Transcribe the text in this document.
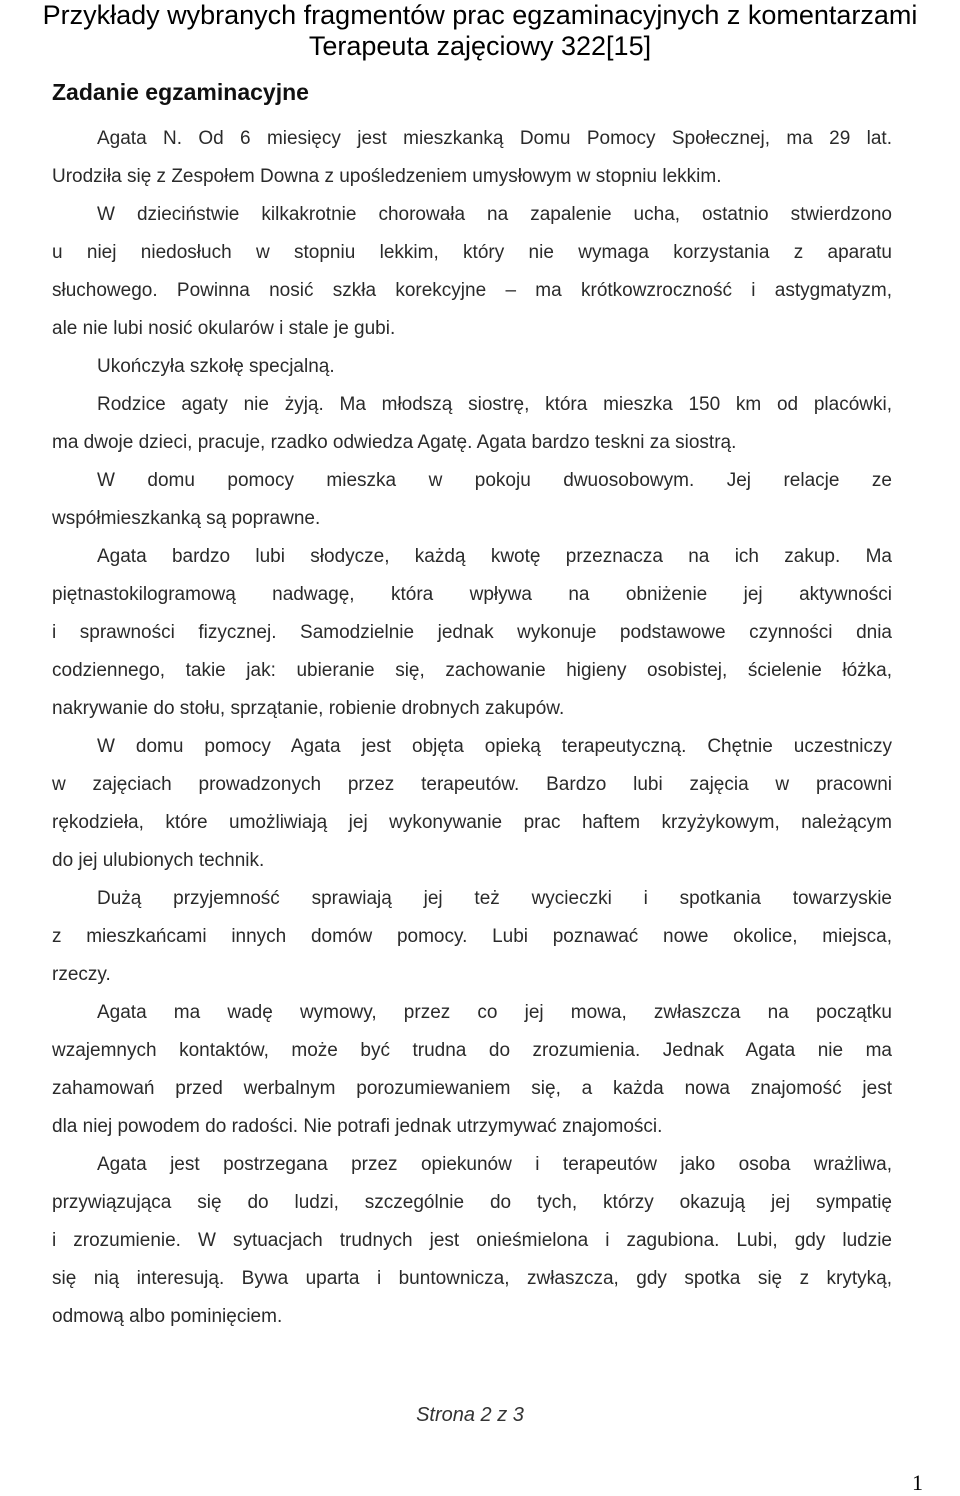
Przykłady wybranych fragmentów prac egzaminacyjnych z komentarzami
Terapeuta zajęciowy 322[15]
Zadanie egzaminacyjne
Agata N. Od 6 miesięcy jest mieszkanką Domu Pomocy Społecznej, ma 29 lat.
Urodziła się z Zespołem Downa z upośledzeniem umysłowym w stopniu lekkim.
W dzieciństwie kilkakrotnie chorowała na zapalenie ucha, ostatnio stwierdzono
u niej niedosłuch w stopniu lekkim, który nie wymaga korzystania z aparatu
słuchowego. Powinna nosić szkła korekcyjne – ma krótkowzroczność i astygmatyzm,
ale nie lubi nosić okularów i stale je gubi.
Ukończyła szkołę specjalną.
Rodzice agaty nie żyją. Ma młodszą siostrę, która mieszka 150 km od placówki,
ma dwoje dzieci, pracuje, rzadko odwiedza Agatę. Agata bardzo teskni za siostrą.
W domu pomocy mieszka w pokoju dwuosobowym. Jej relacje ze
współmieszkanką są poprawne.
Agata bardzo lubi słodycze, każdą kwotę przeznacza na ich zakup. Ma
piętnastokilogramową nadwagę, która wpływa na obniżenie jej aktywności
i sprawności fizycznej. Samodzielnie jednak wykonuje podstawowe czynności dnia
codziennego, takie jak: ubieranie się, zachowanie higieny osobistej, ścielenie łóżka,
nakrywanie do stołu, sprzątanie, robienie drobnych zakupów.
W domu pomocy Agata jest objęta opieką terapeutyczną. Chętnie uczestniczy
w zajęciach prowadzonych przez terapeutów. Bardzo lubi zajęcia w pracowni
rękodzieła, które umożliwiają jej wykonywanie prac haftem krzyżykowym, należącym
do jej ulubionych technik.
Dużą przyjemność sprawiają jej też wycieczki i spotkania towarzyskie
z mieszkańcami innych domów pomocy. Lubi poznawać nowe okolice, miejsca,
rzeczy.
Agata ma wadę wymowy, przez co jej mowa, zwłaszcza na początku
wzajemnych kontaktów, może być trudna do zrozumienia. Jednak Agata nie ma
zahamowań przed werbalnym porozumiewaniem się, a każda nowa znajomość jest
dla niej powodem do radości. Nie potrafi jednak utrzymywać znajomości.
Agata jest postrzegana przez opiekunów i terapeutów jako osoba wrażliwa,
przywiązująca się do ludzi, szczególnie do tych, którzy okazują jej sympatię
i zrozumienie. W sytuacjach trudnych jest onieśmielona i zagubiona. Lubi, gdy ludzie
się nią interesują. Bywa uparta i buntownicza, zwłaszcza, gdy spotka się z krytyką,
odmową albo pominięciem.
Strona 2 z 3
1
